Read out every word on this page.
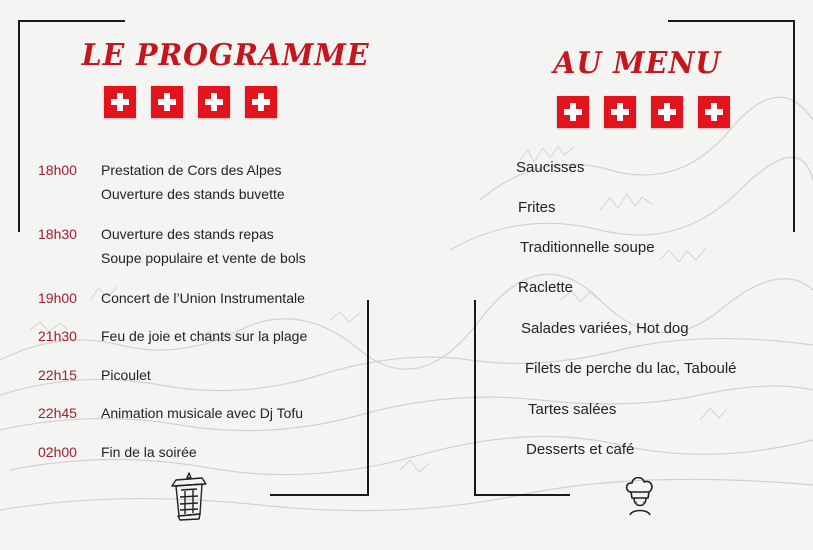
LE PROGRAMME
18h00	Prestation de Cors des Alpes
Ouverture des stands buvette
18h30	Ouverture des stands repas
Soupe populaire et vente de bols
19h00	Concert de l’Union Instrumentale
21h30	Feu de joie et chants sur la plage
22h15	Picoulet
22h45	Animation musicale avec Dj Tofu
02h00	Fin de la soirée
AU MENU
Saucisses
Frites
Traditionnelle soupe
Raclette
Salades variées, Hot dog
Filets de perche du lac, Taboulé
Tartes salées
Desserts et café
